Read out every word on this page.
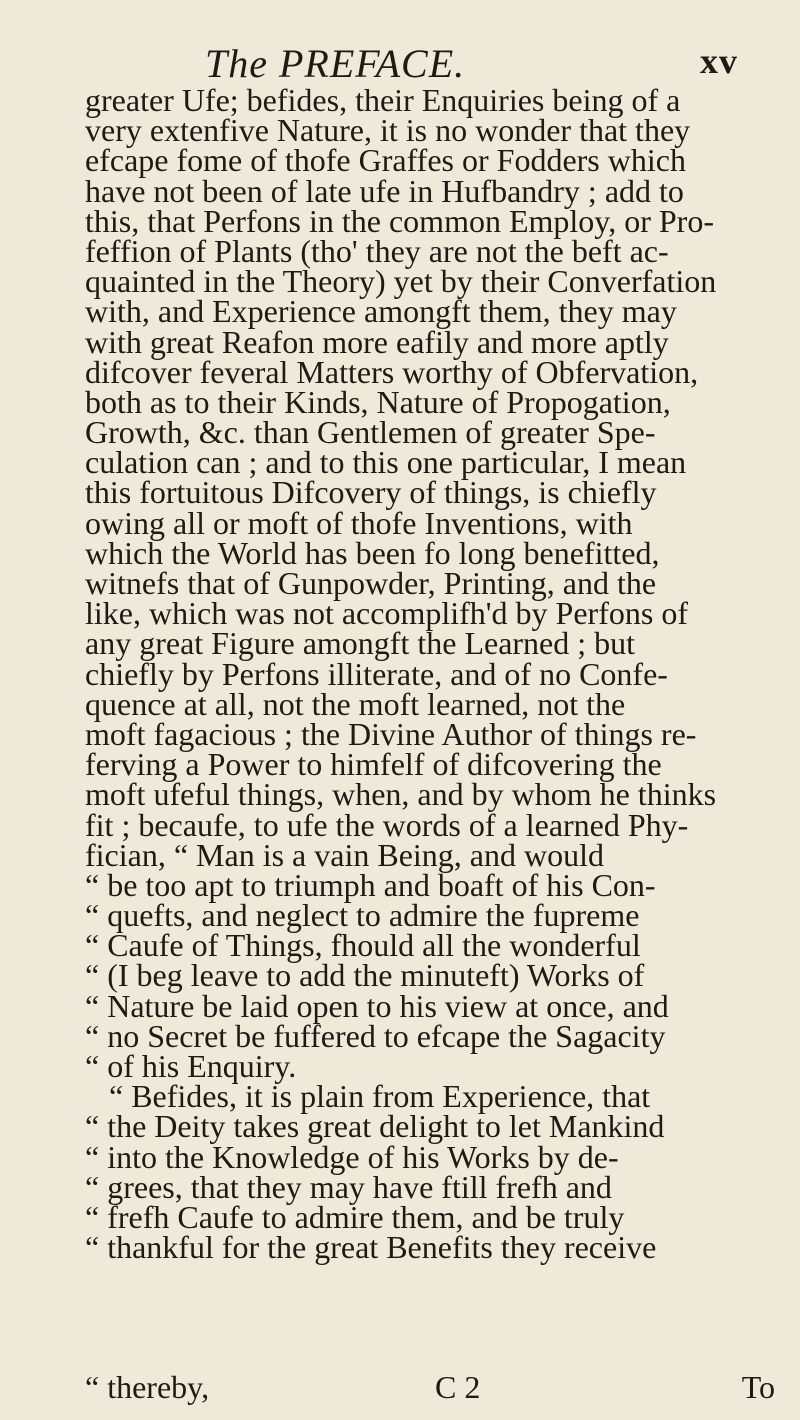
The PREFACE.	xv
greater Ufe; befides, their Enquiries being of a
very extenfive Nature, it is no wonder that they
efcape fome of thofe Graffes or Fodders which
have not been of late ufe in Hufbandry ; add to
this, that Perfons in the common Employ, or Pro-
feffion of Plants (tho' they are not the beft ac-
quainted in the Theory) yet by their Converfation
with, and Experience amongft them, they may
with great Reafon more eafily and more aptly
difcover feveral Matters worthy of Obfervation,
both as to their Kinds, Nature of Propogation,
Growth, &c. than Gentlemen of greater Spe-
culation can ; and to this one particular, I mean
this fortuitous Difcovery of things, is chiefly
owing all or moft of thofe Inventions, with
which the World has been fo long benefitted,
witnefs that of Gunpowder, Printing, and the
like, which was not accomplifh'd by Perfons of
any great Figure amongft the Learned ; but
chiefly by Perfons illiterate, and of no Confe-
quence at all, not the moft learned, not the
moft fagacious ; the Divine Author of things re-
ferving a Power to himfelf of difcovering the
moft ufeful things, when, and by whom he thinks
fit ; becaufe, to ufe the words of a learned Phy-
fician, “ Man is a vain Being, and would
“ be too apt to triumph and boaft of his Con-
“ quefts, and neglect to admire the fupreme
“ Caufe of Things, fhould all the wonderful
“ (I beg leave to add the minuteft) Works of
“ Nature be laid open to his view at once, and
“ no Secret be fuffered to efcape the Sagacity
“ of his Enquiry.
“ Befides, it is plain from Experience, that
“ the Deity takes great delight to let Mankind
“ into the Knowledge of his Works by de-
“ grees, that they may have ftill frefh and
“ frefh Caufe to admire them, and be truly
“ thankful for the great Benefits they receive
“ thereby,	C 2	To
